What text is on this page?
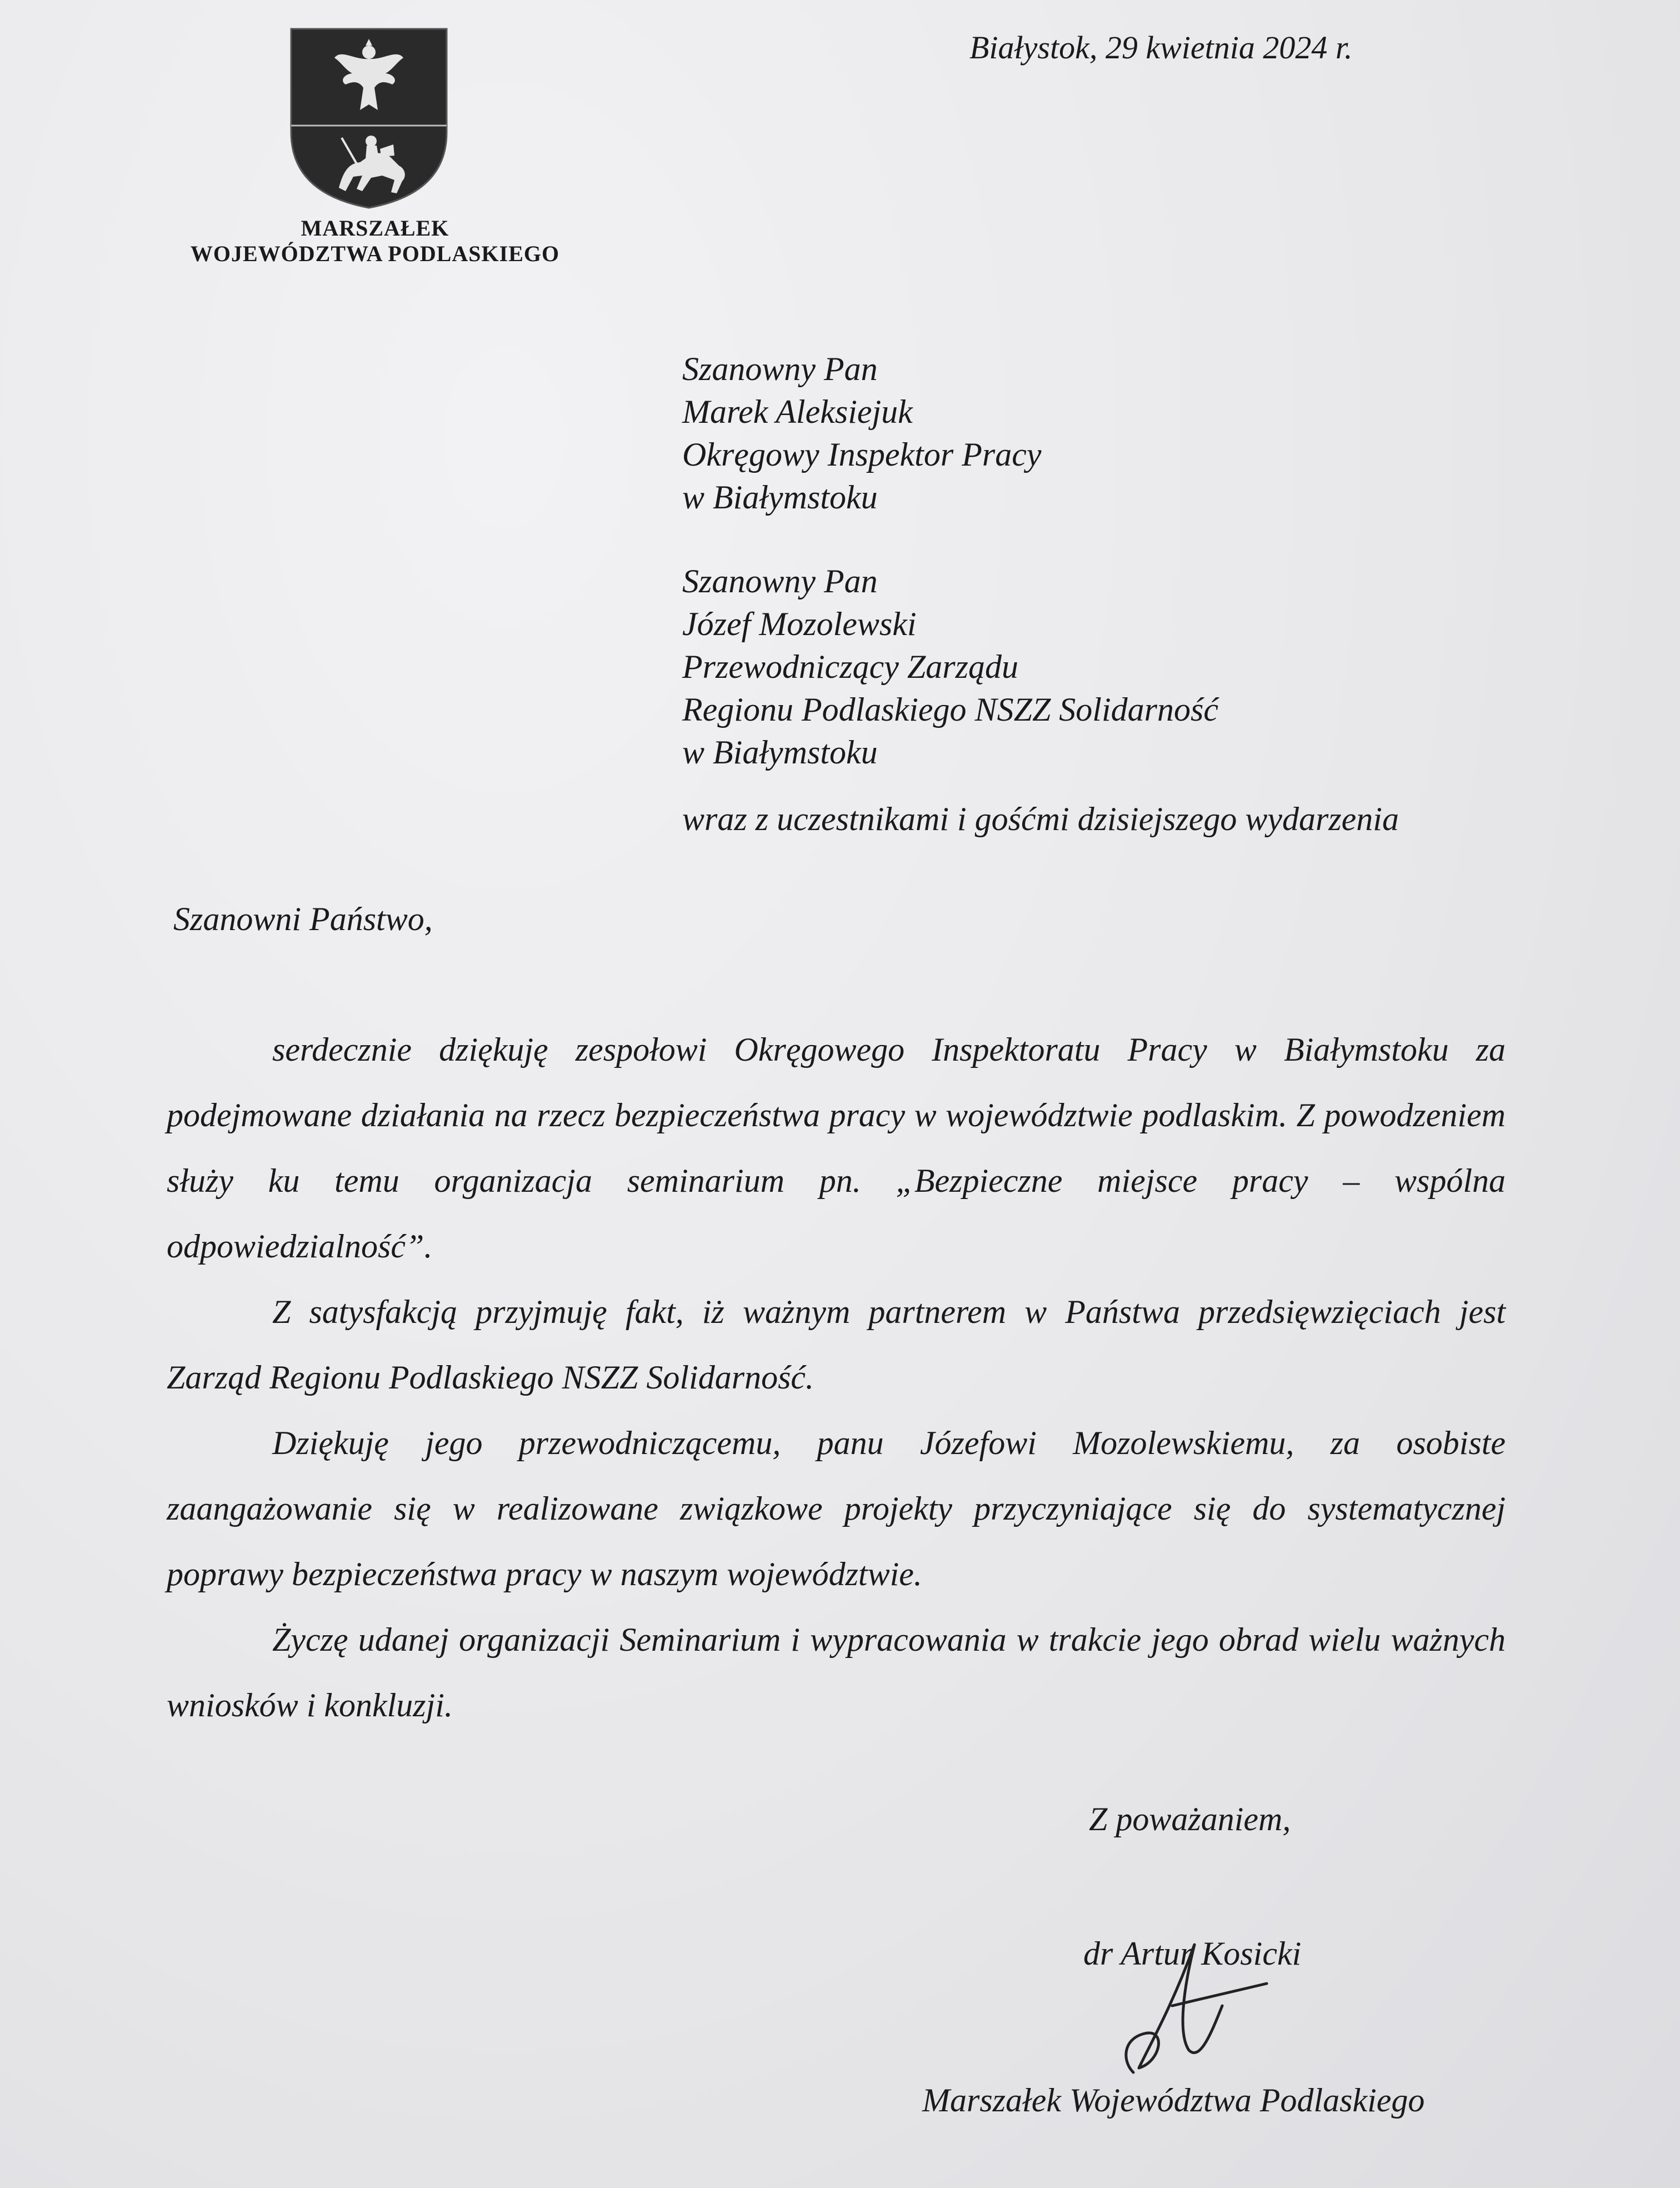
MARSZAŁEK
WOJEWÓDZTWA PODLASKIEGO
Białystok, 29 kwietnia 2024 r.
Szanowny Pan
Marek Aleksiejuk
Okręgowy Inspektor Pracy
w Białymstoku
Szanowny Pan
Józef Mozolewski
Przewodniczący Zarządu
Regionu Podlaskiego NSZZ Solidarność
w Białymstoku
wraz z uczestnikami i gośćmi dzisiejszego wydarzenia
Szanowni Państwo,

serdecznie dziękuję zespołowi Okręgowego Inspektoratu Pracy w Białymstoku za podejmowane działania na rzecz bezpieczeństwa pracy w województwie podlaskim. Z powodzeniem służy ku temu organizacja seminarium pn. „Bezpieczne miejsce pracy – wspólna odpowiedzialność”.

Z satysfakcją przyjmuję fakt, iż ważnym partnerem w Państwa przedsięwzięciach jest Zarząd Regionu Podlaskiego NSZZ Solidarność.

Dziękuję jego przewodniczącemu, panu Józefowi Mozolewskiemu, za osobiste zaangażowanie się w realizowane związkowe projekty przyczyniające się do systematycznej poprawy bezpieczeństwa pracy w naszym województwie.

Życzę udanej organizacji Seminarium i wypracowania w trakcie jego obrad wielu ważnych wniosków i konkluzji.

Z poważaniem,
dr Artur Kosicki
Marszałek Województwa Podlaskiego
